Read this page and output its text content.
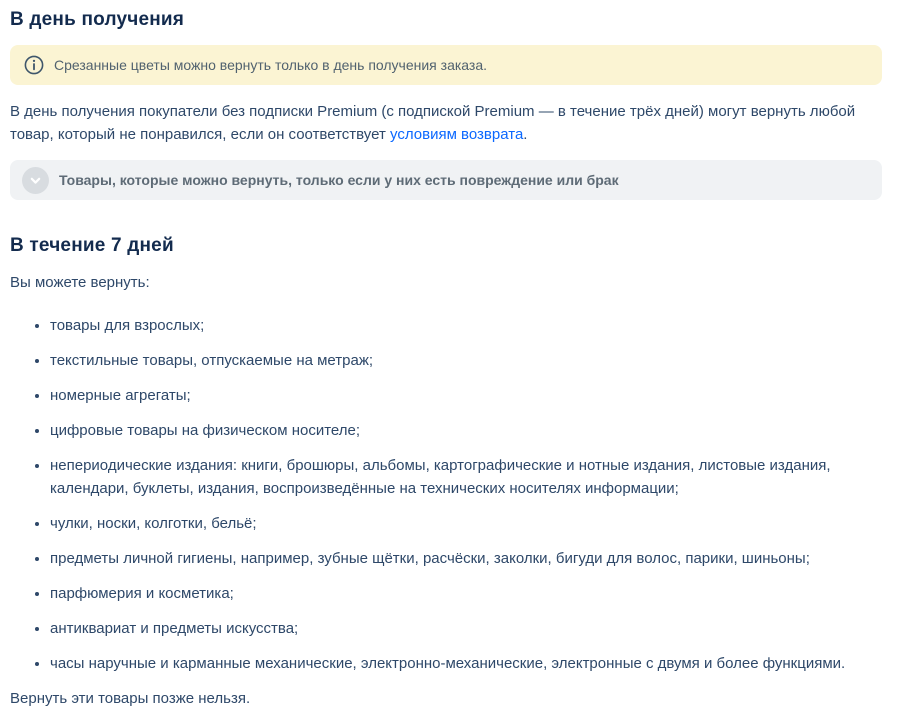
В день получения
Срезанные цветы можно вернуть только в день получения заказа.

В день получения покупатели без подписки Premium (с подпиской Premium — в течение трёх дней) могут вернуть любой товар, который не понравился, если он соответствует условиям возврата.

Товары, которые можно вернуть, только если у них есть повреждение или брак
В течение 7 дней

Вы можете вернуть:

• товары для взрослых;
• текстильные товары, отпускаемые на метраж;
• номерные агрегаты;
• цифровые товары на физическом носителе;
• непериодические издания: книги, брошюры, альбомы, картографические и нотные издания, листовые издания, календари, буклеты, издания, воспроизведённые на технических носителях информации;
• чулки, носки, колготки, бельё;
• предметы личной гигиены, например, зубные щётки, расчёски, заколки, бигуди для волос, парики, шиньоны;
• парфюмерия и косметика;
• антиквариат и предметы искусства;
• часы наручные и карманные механические, электронно-механические, электронные с двумя и более функциями.

Вернуть эти товары позже нельзя.
